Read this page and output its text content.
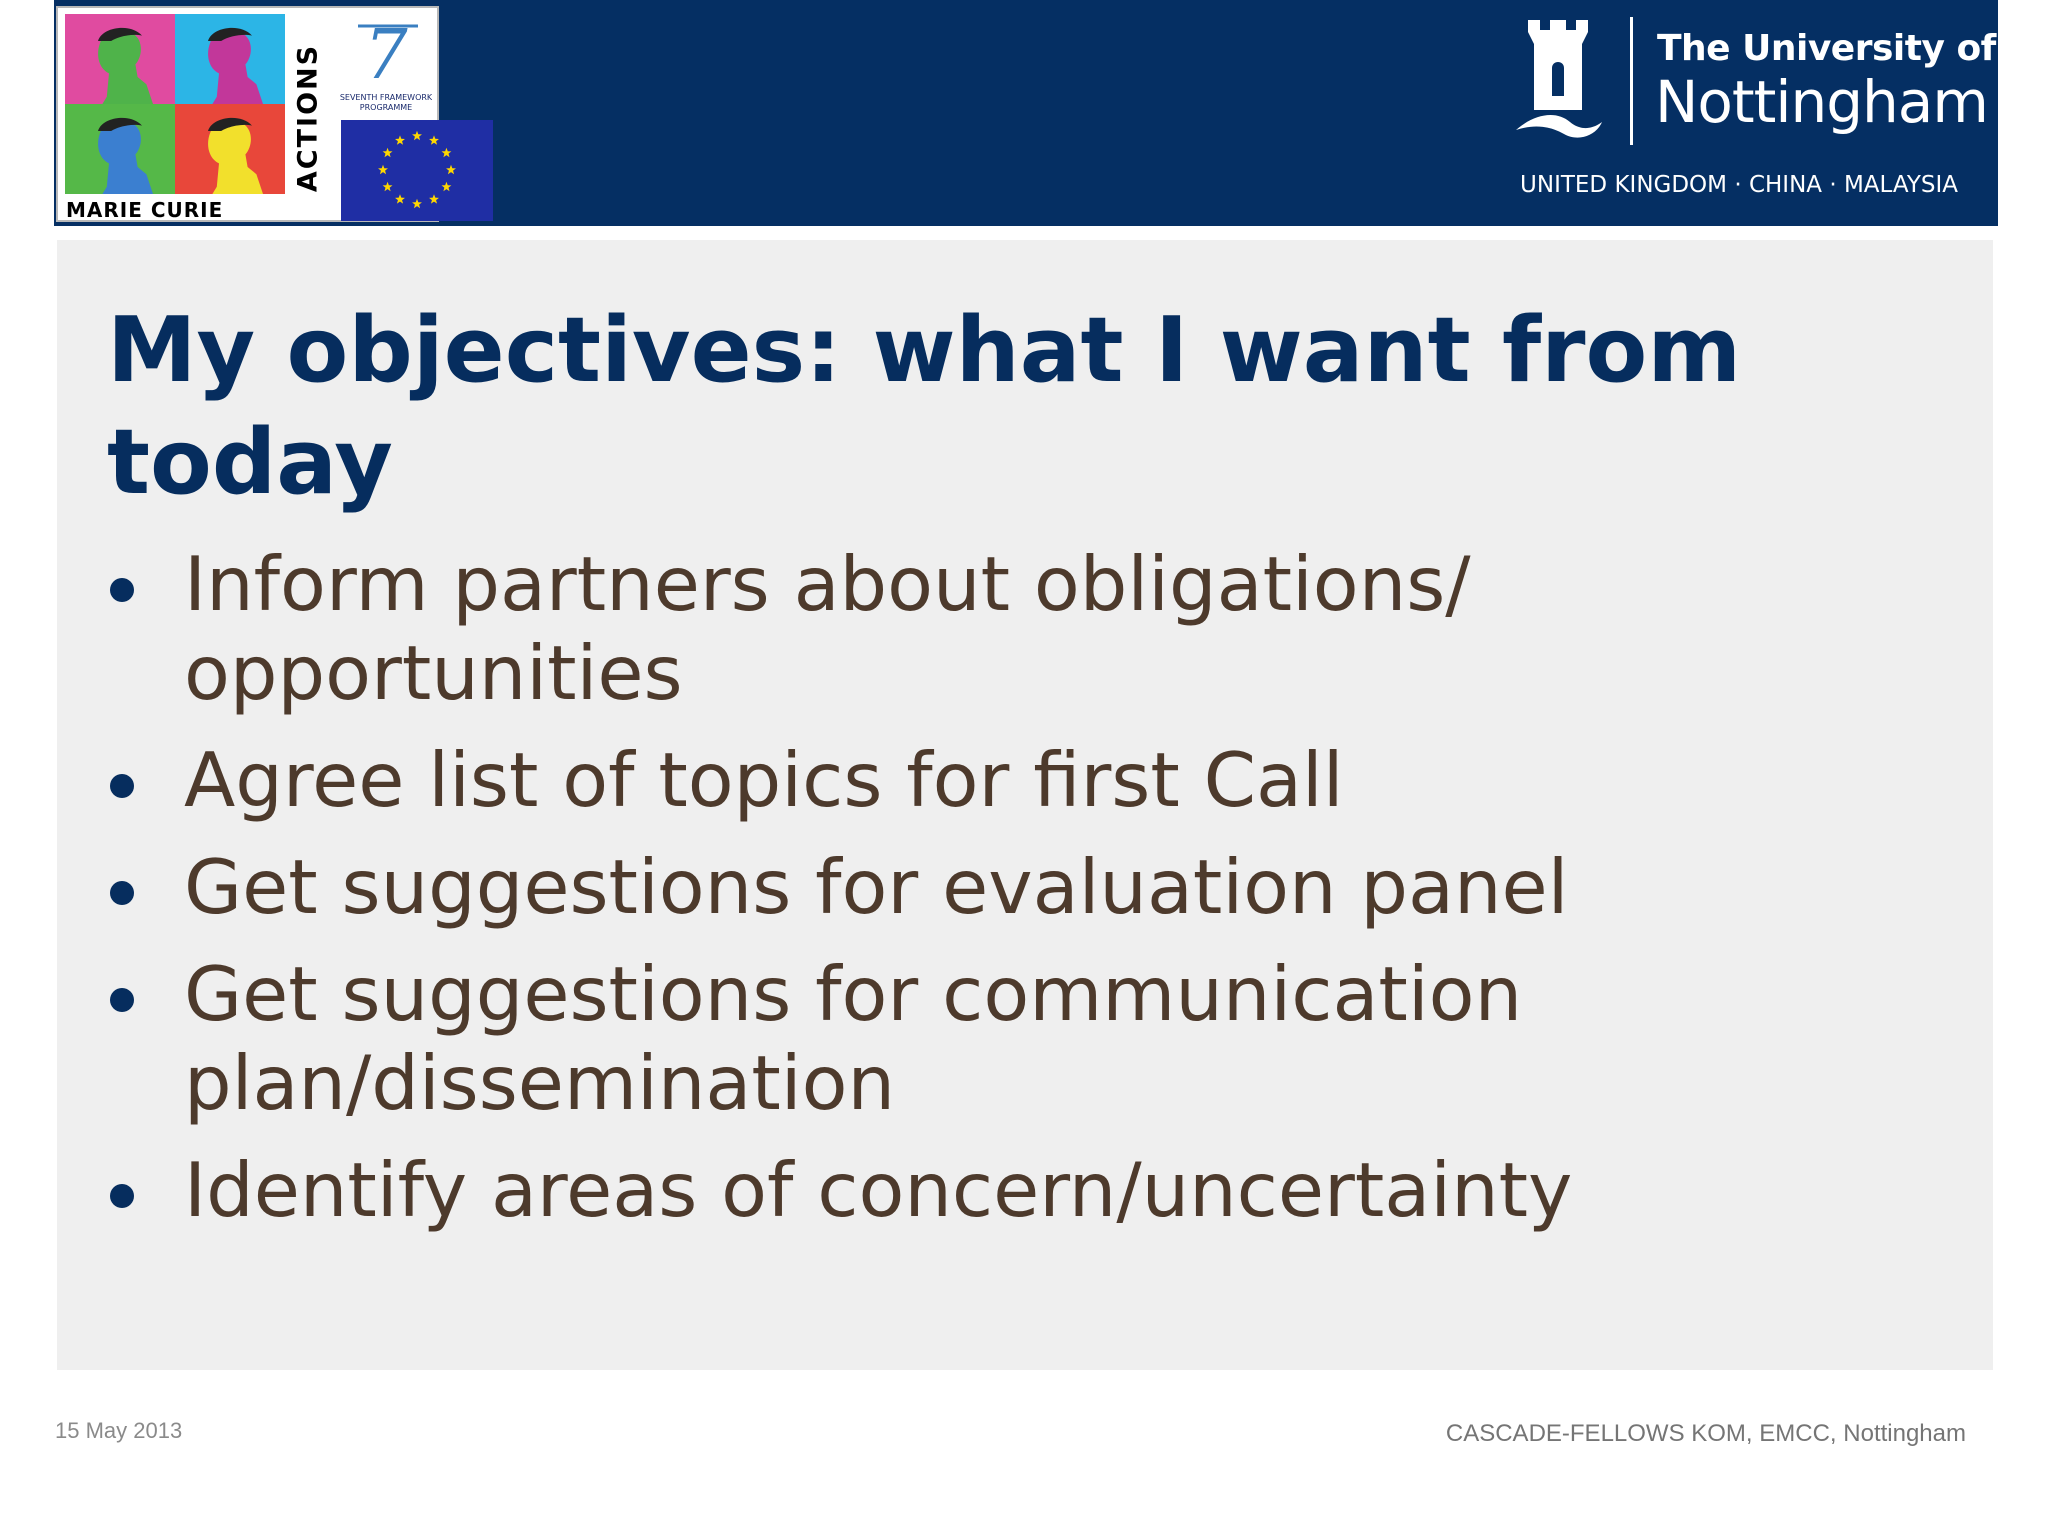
MARIE CURIE
ACTIONS 7
SEVENTH FRAMEWORK
PROGRAMME
The University of
Nottingham
UNITED KINGDOM · CHINA · MALAYSIA
My objectives: what I want from today
Inform partners about obligations/ opportunities
Agree list of topics for first Call
Get suggestions for evaluation panel
Get suggestions for communication plan/dissemination
Identify areas of concern/uncertainty
15 May 2013	CASCADE-FELLOWS KOM, EMCC, Nottingham
